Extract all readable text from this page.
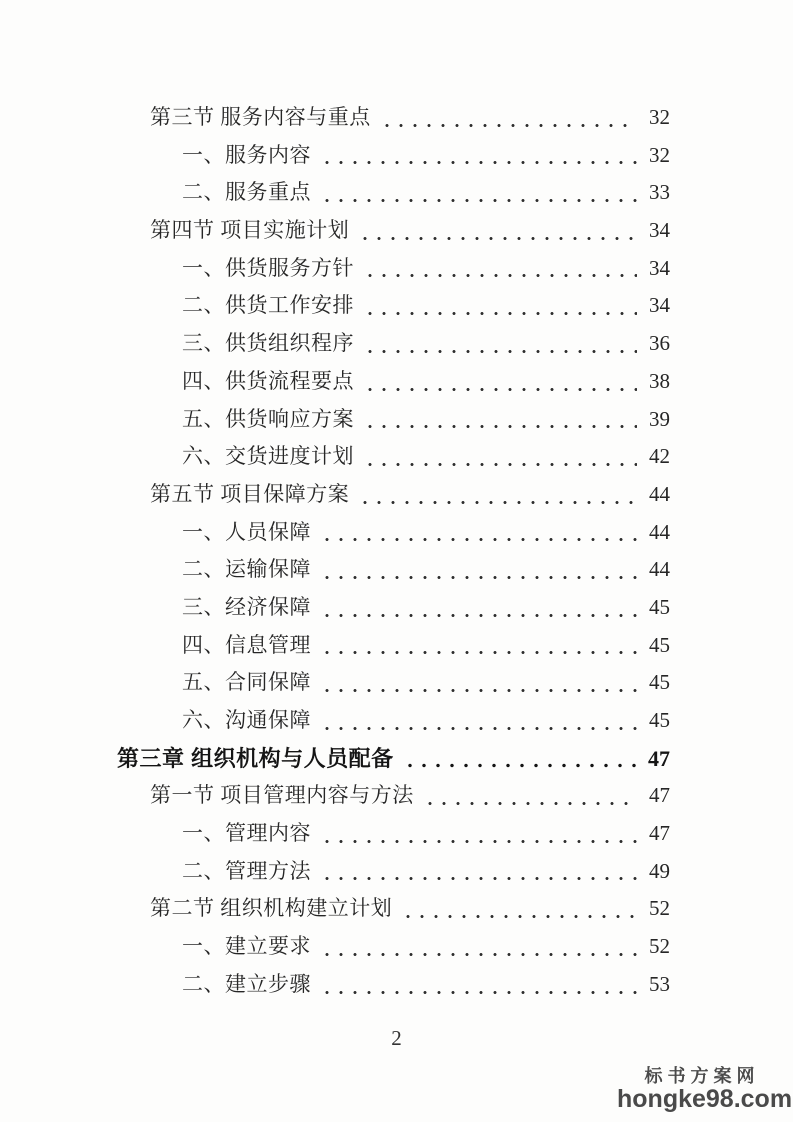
第三节 服务内容与重点	32
一、服务内容	32
二、服务重点	33
第四节 项目实施计划	34
一、供货服务方针	34
二、供货工作安排	34
三、供货组织程序	36
四、供货流程要点	38
五、供货响应方案	39
六、交货进度计划	42
第五节 项目保障方案	44
一、人员保障	44
二、运输保障	44
三、经济保障	45
四、信息管理	45
五、合同保障	45
六、沟通保障	45
第三章 组织机构与人员配备	47
第一节 项目管理内容与方法	47
一、管理内容	47
二、管理方法	49
第二节 组织机构建立计划	52
一、建立要求	52
二、建立步骤	53
2
标书方案网
hongke98.com
